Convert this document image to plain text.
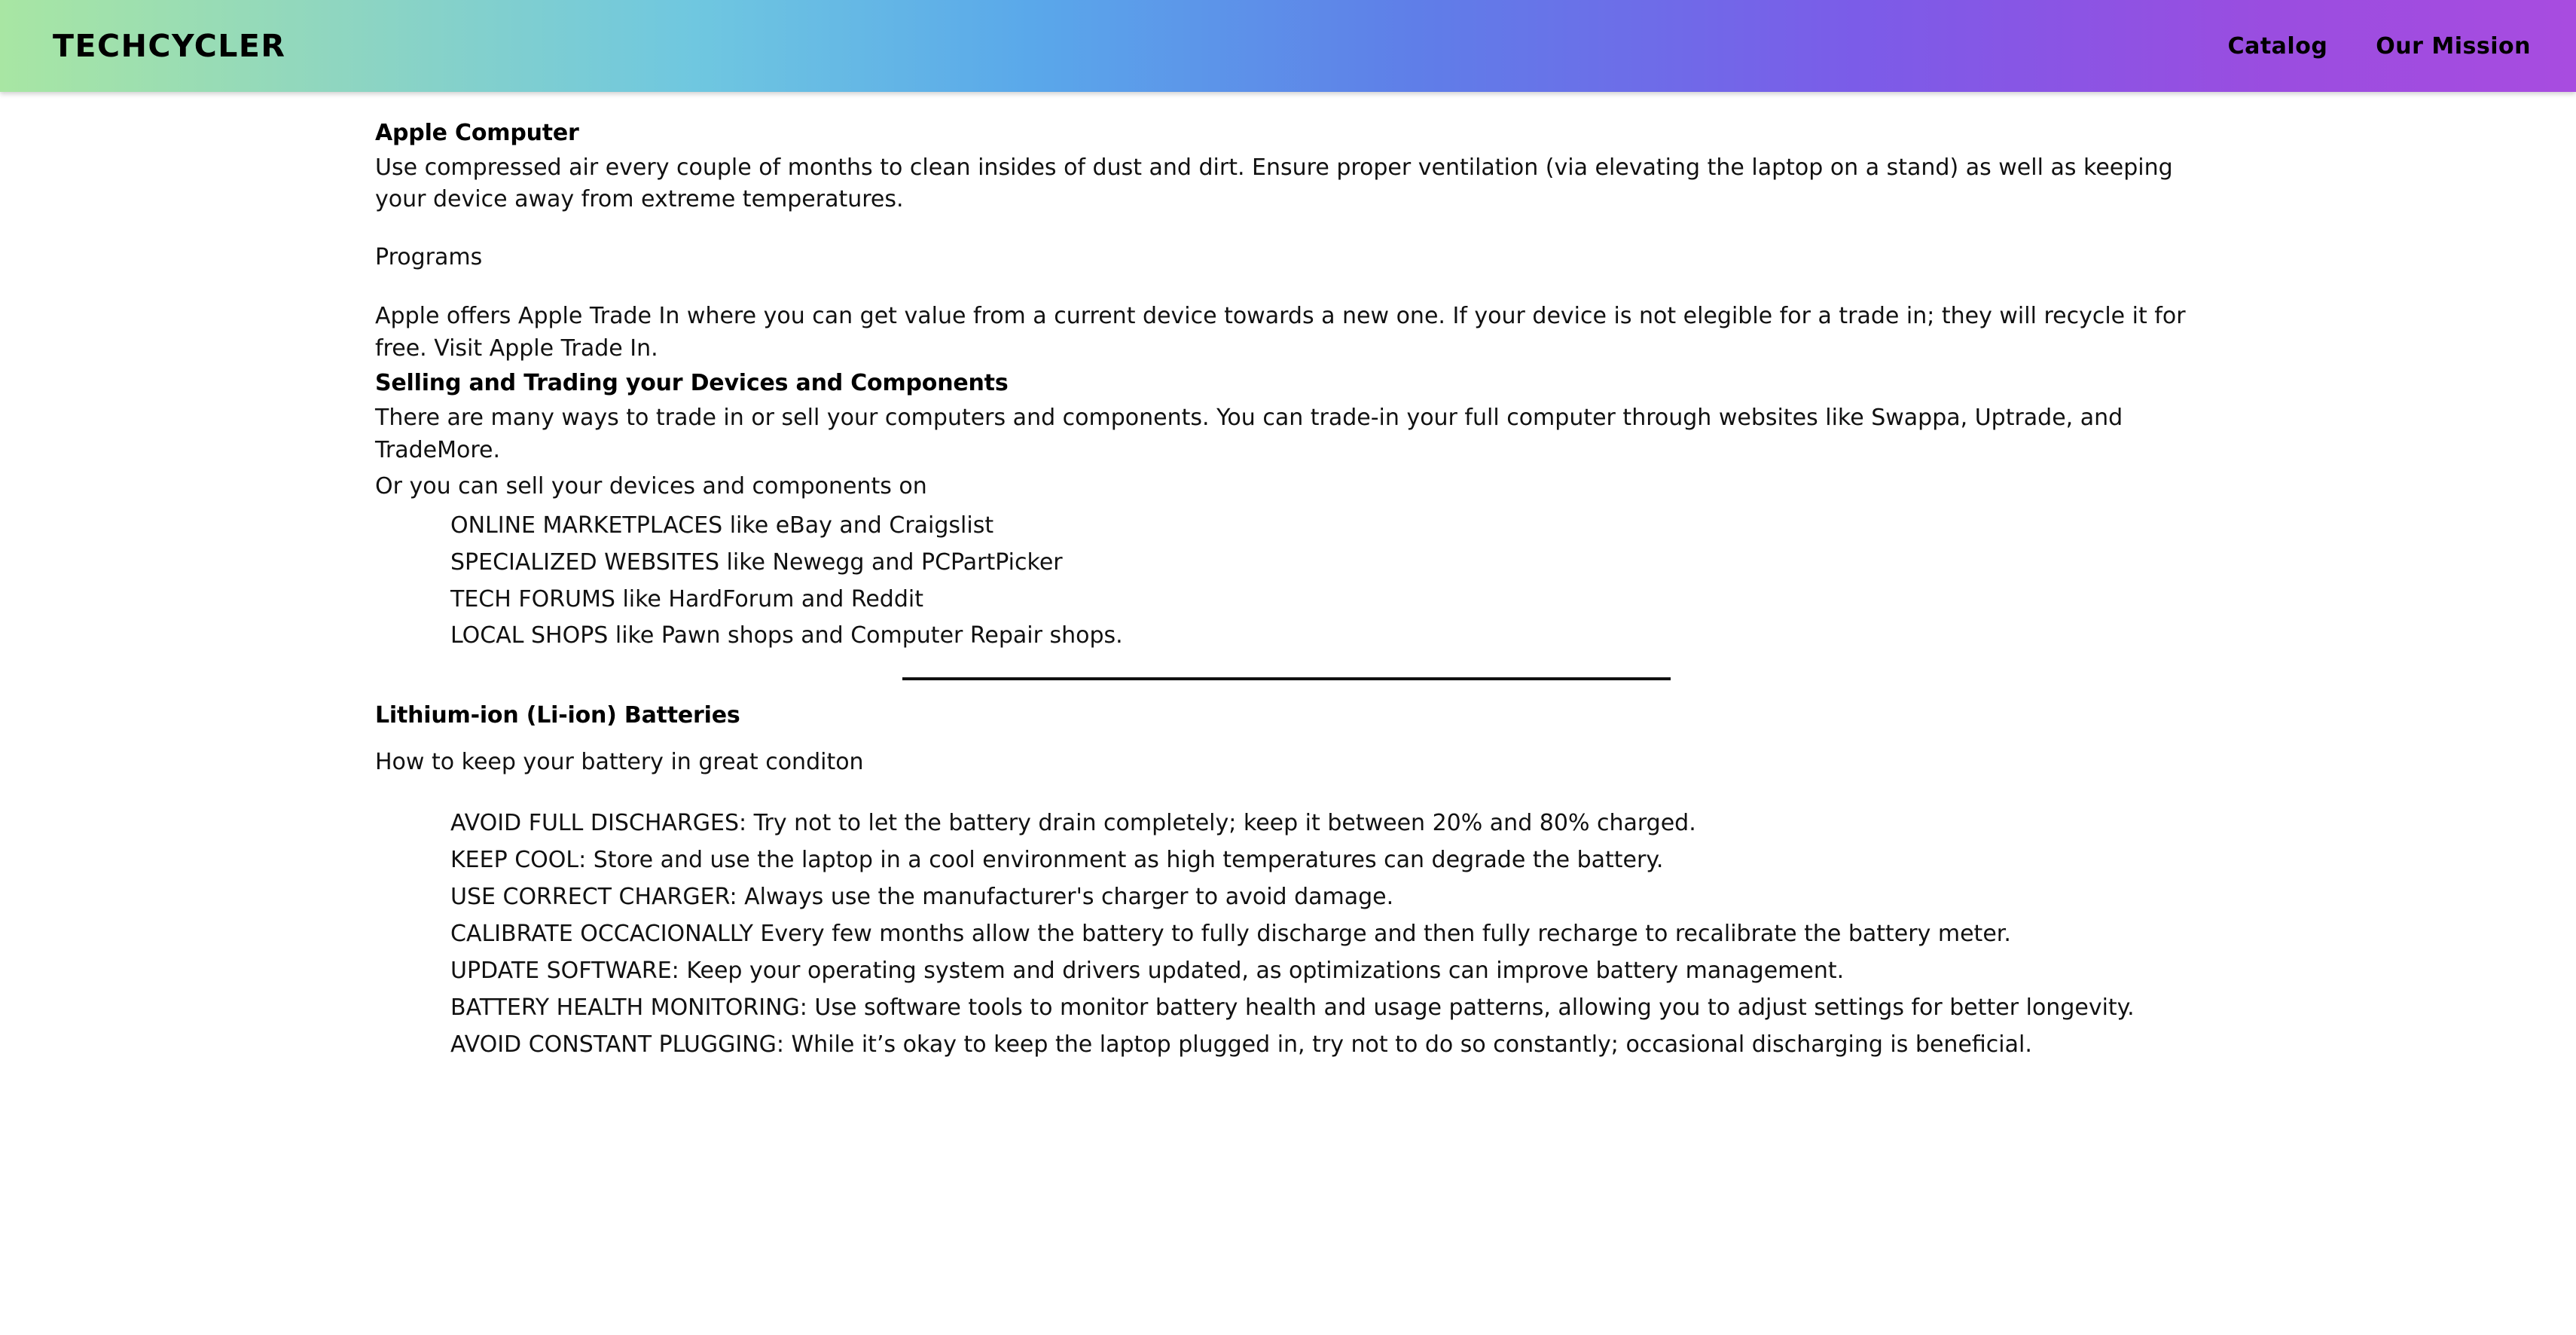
TECHCYCLER	Catalog Our Mission
Apple Computer

Use compressed air every couple of months to clean insides of dust and dirt. Ensure proper ventilation (via elevating the laptop on a stand) as well as keeping your device away from extreme temperatures.

Programs

Apple offers Apple Trade In where you can get value from a current device towards a new one. If your device is not elegible for a trade in; they will recycle it for free. Visit Apple Trade In.

Selling and Trading your Devices and Components

There are many ways to trade in or sell your computers and components. You can trade-in your full computer through websites like Swappa, Uptrade, and TradeMore.

Or you can sell your devices and components on

ONLINE MARKETPLACES like eBay and Craigslist
SPECIALIZED WEBSITES like Newegg and PCPartPicker
TECH FORUMS like HardForum and Reddit
LOCAL SHOPS like Pawn shops and Computer Repair shops.
Lithium-ion (Li-ion) Batteries

How to keep your battery in great conditon

AVOID FULL DISCHARGES: Try not to let the battery drain completely; keep it between 20% and 80% charged.
KEEP COOL: Store and use the laptop in a cool environment as high temperatures can degrade the battery.
USE CORRECT CHARGER: Always use the manufacturer's charger to avoid damage.
CALIBRATE OCCACIONALLY Every few months allow the battery to fully discharge and then fully recharge to recalibrate the battery meter.
UPDATE SOFTWARE: Keep your operating system and drivers updated, as optimizations can improve battery management.
BATTERY HEALTH MONITORING: Use software tools to monitor battery health and usage patterns, allowing you to adjust settings for better longevity.
AVOID CONSTANT PLUGGING: While it’s okay to keep the laptop plugged in, try not to do so constantly; occasional discharging is beneficial.
